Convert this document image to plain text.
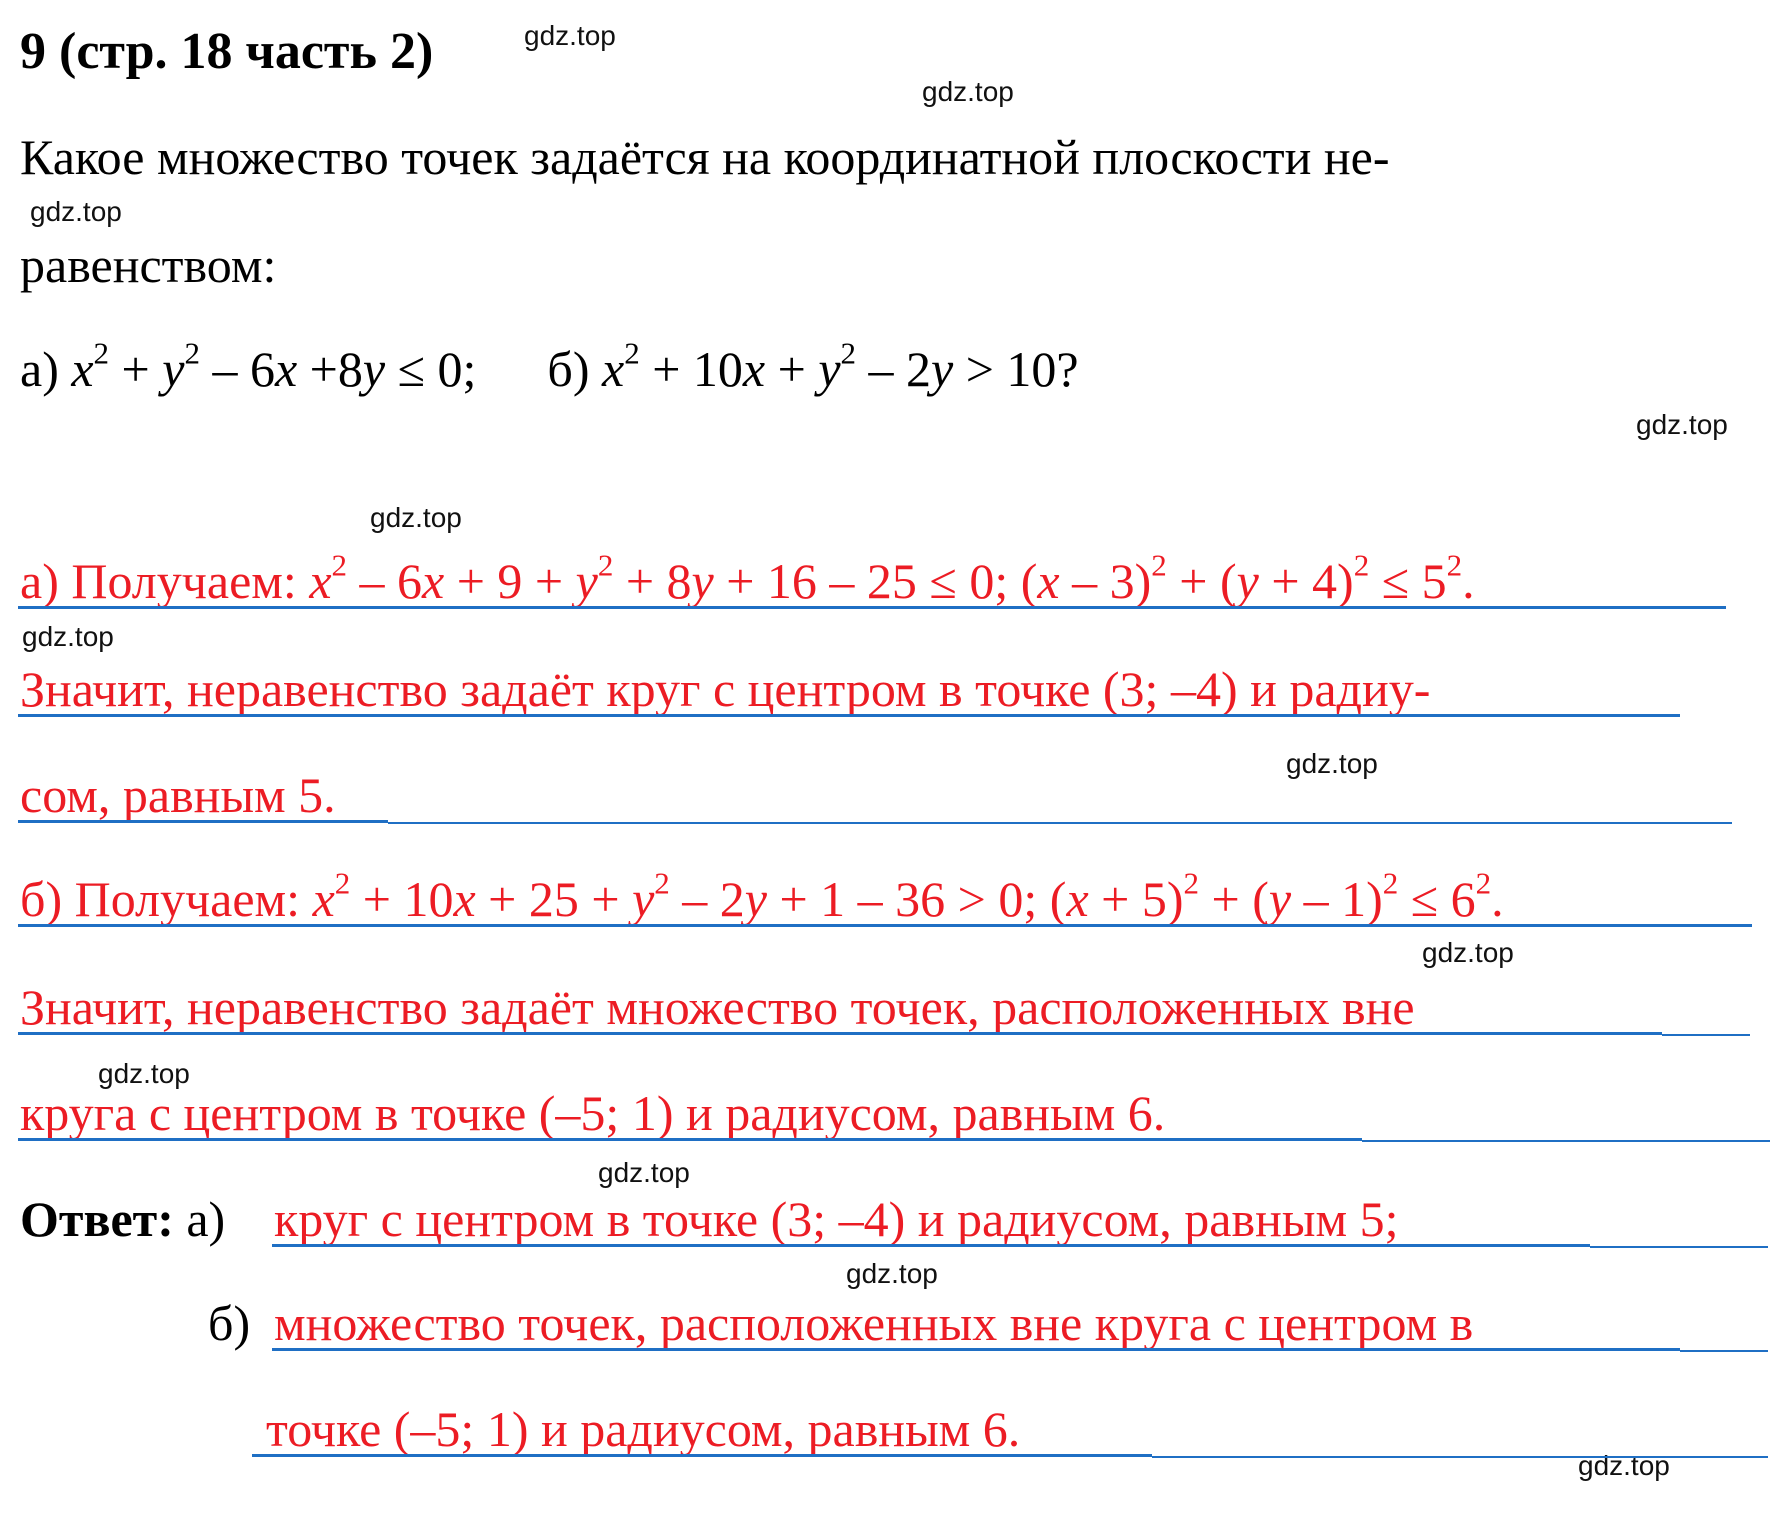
9 (стр. 18 часть 2)	gdz.top
gdz.top
gdz.top
gdz.top
gdz.top
gdz.top
gdz.top
gdz.top
gdz.top
gdz.top
gdz.top
gdz.top
Какое множество точек задаётся на координатной плоскости не-
равенством:
а) $x^2 + y^2 - 6x +8y \le 0$; б) $x^2 + 10x + y^2 - 2y > 10$?
а) Получаем: $x^2 - 6x + 9 + y^2 + 8y + 16 - 25 \le 0$; $(x - 3)^2 + (y + 4)^2 \le 5^2$.
Значит, неравенство задаёт круг с центром в точке (3; –4) и радиу-
сом, равным 5.
б) Получаем: $x^2 + 10x + 25 + y^2 - 2y + 1 - 36 > 0$; $(x + 5)^2 + (y - 1)^2 \le 6^2$.
Значит, неравенство задаёт множество точек, расположенных вне
круга с центром в точке (–5; 1) и радиусом, равным 6.
Ответ: а) круг с центром в точке (3; –4) и радиусом, равным 5;
б) множество точек, расположенных вне круга с центром в
точке (–5; 1) и радиусом, равным 6.
